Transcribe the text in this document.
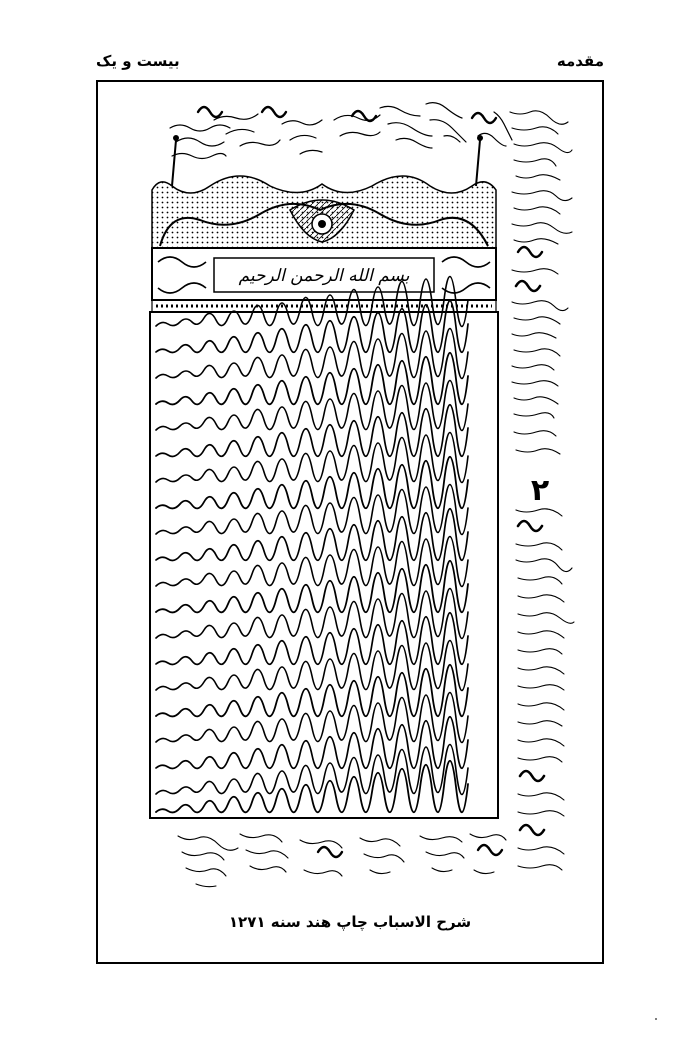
بیست و یک	مقدمه
بسم الله الرحمن الرحيم
۲
شرح الاسباب چاپ هند سنه ۱۲۷۱
